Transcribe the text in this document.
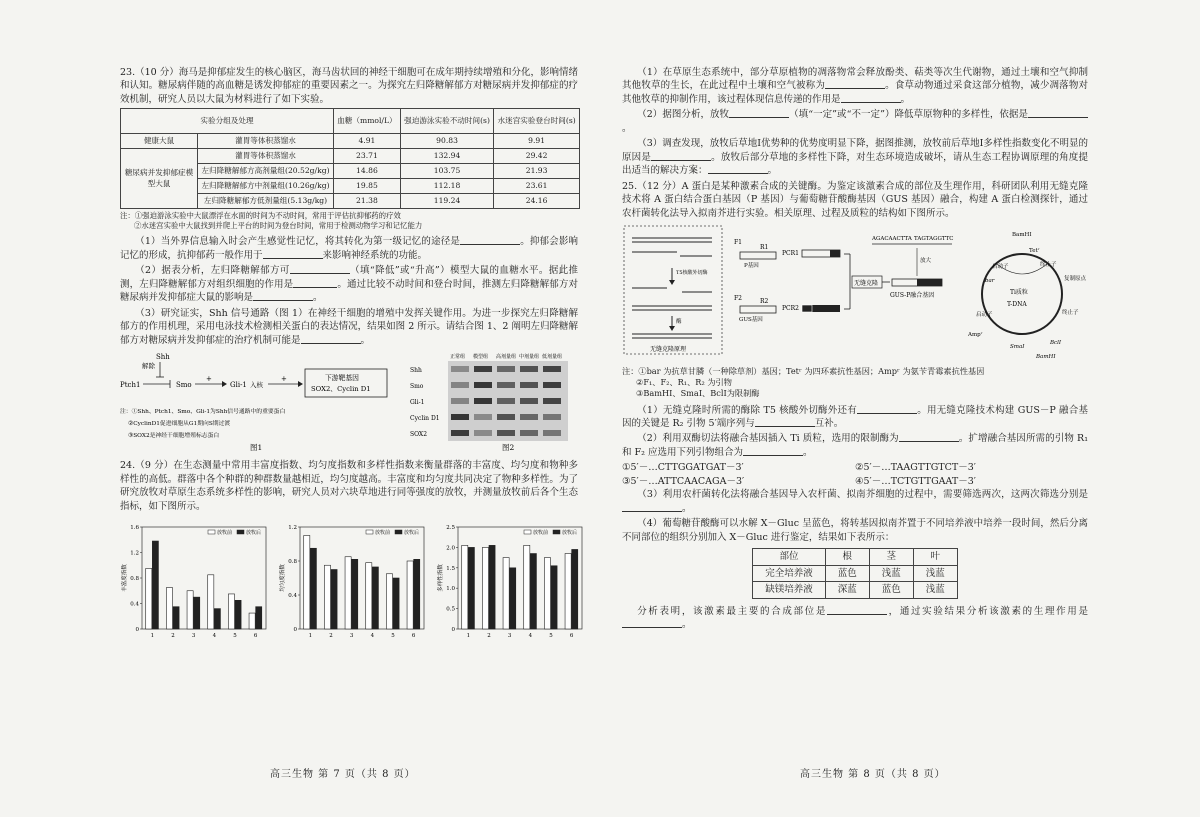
23.（10 分）海马是抑郁症发生的核心脑区，海马齿状回的神经干细胞可在成年期持续增殖和分化，影响情绪和认知。糖尿病伴随的高血糖是诱发抑郁症的重要因素之一。为探究左归降糖解郁方对糖尿病并发抑郁症的疗效机制，研究人员以大鼠为材料进行了如下实验。

实验分组及处理		血糖（mmol/L）	强迫游泳实验不动时间(s)	水迷宫实验登台时间(s)
健康大鼠	灌胃等体积蒸馏水	4.91	90.83	9.91
糖尿病并发抑郁症模型大鼠	灌胃等体积蒸馏水	23.71	132.94	29.42
	左归降糖解郁方高剂量组(20.52g/kg)	14.86	103.75	21.93
	左归降糖解郁方中剂量组(10.26g/kg)	19.85	112.18	23.61
	左归降糖解郁方低剂量组(5.13g/kg)	21.38	119.24	24.16
注：①强迫游泳实验中大鼠漂浮在水面的时间为不动时间，常用于评估抗抑郁药的疗效
②水迷宫实验中大鼠找到并爬上平台的时间为登台时间，常用于检测动物学习和记忆能力

（1）当外界信息输入时会产生感觉性记忆，将其转化为第一级记忆的途径是	。抑郁会影响记忆的形成，抗抑郁药一般作用于	来影响神经系统的功能。

（2）据表分析，左归降糖解郁方可	（填“降低”或“升高”）模型大鼠的血糖水平。据此推测，左归降糖解郁方对组织细胞的作用是	。通过比较不动时间和登台时间，推测左归降糖解郁方对糖尿病并发抑郁症大鼠的影响是	。

（3）研究证实，Shh 信号通路（图 1）在神经干细胞的增殖中发挥关键作用。为进一步探究左归降糖解郁方的作用机理，采用电泳技术检测相关蛋白的表达情况，结果如图 2 所示。请结合图 1、2 阐明左归降糖解郁方对糖尿病并发抑郁症的治疗机制可能是	。

Shh
解除
Ptch1	Smo
+
Gli-1 入核
+	下游靶基因
SOX2、Cyclin D1
注：①Shh、Ptch1、Smo、Gli-1为Shh信号通路中的重要蛋白
②CyclinD1促进细胞从G1期向S期过渡
③SOX2是神经干细胞增殖标志蛋白
图1
正常组 模型组 高剂量组 中剂量组 低剂量组
Shh
Smo
Gli-1
Cyclin D1
SOX2
图2

24.（9 分）在生态测量中常用丰富度指数、均匀度指数和多样性指数来衡量群落的丰富度、均匀度和物种多样性的高低。群落中各个种群的种群数量越相近，均匀度越高。丰富度和均匀度共同决定了物种多样性。为了研究放牧对草原生态系统多样性的影响，研究人员对六块草地进行同等强度的放牧，并测量放牧前后各个生态指标，如下图所示。

0
0.4
0.8
1.2
1.6
丰富度指数
1	2	3	4	5	6
放牧前	放牧后
0
0.4
0.8
1.2
均匀度指数
1	2	3	4	5	6
放牧前	放牧后
0
0.5
1.0
1.5
2.0
2.5
多样性指数
1	2	3	4	5	6
放牧前	放牧后
高三生物 第 7 页（共 8 页）

（1）在草原生态系统中，部分草原植物的凋落物常会释放酚类、萜类等次生代谢物，通过土壤和空气抑制其他牧草的生长，在此过程中土壤和空气被称为	。食草动物通过采食这部分植物，减少凋落物对其他牧草的抑制作用，该过程体现信息传递的作用是	。

（2）据图分析，放牧	（填“一定”或“不一定”）降低草原物种的多样性，依据是。

（3）调查发现，放牧后草地Ⅰ优势种的优势度明显下降，据图推测，放牧前后草地Ⅰ多样性指数变化不明显的原因是	。放牧后部分草地的多样性下降，对生态环境造成破坏，请从生态工程协调原理的角度提出适当的解决方案：	。

25.（12 分）A 蛋白是某种激素合成的关键酶。为鉴定该激素合成的部位及生理作用，科研团队利用无缝克隆技术将 A 蛋白结合蛋白基因（P 基因）与葡萄糖苷酸酶基因（GUS 基因）融合，构建 A 蛋白检测探针，通过农杆菌转化法导入拟南芥进行实验。相关原理、过程及质粒的结构如下图所示。

T5核酸外切酶
酶
无缝克隆原理
F1
P基因
R1
PCR1
F2
GUS基因
R2
PCR2
无缝克隆
GUS-P融合基因
AGACAACTTA TAGTAGGTTC
放大
Ti质粒
T-DNA
BamHⅠ
Tetʳ
启动子	终止子
bar	复制原点
终止子
启动子
Ampʳ
BclⅠ
SmaⅠ
BamHⅠ
注：①bar 为抗草甘膦（一种除草剂）基因；Tetʳ 为四环素抗性基因；Ampʳ 为氨苄青霉素抗性基因
②F₁、F₂、R₁、R₂ 为引物
③BamHⅠ、SmaⅠ、BclⅠ为限制酶

（1）无缝克隆时所需的酶除 T5 核酸外切酶外还有	。用无缝克隆技术构建 GUS－P 融合基因的关键是 R₂ 引物 5′端序列与	互补。

（2）利用双酶切法将融合基因插入 Ti 质粒，选用的限制酶为	。扩增融合基因所需的引物 R₁ 和 F₂ 应选用下列引物组合为	。

①5′－…CTTGGATGAT－3′	②5′－…TAAGTTGTCT－3′
③5′－…ATTCAACAGA－3′	④5′－…TCTGTTGAAT－3′

（3）利用农杆菌转化法将融合基因导入农杆菌、拟南芥细胞的过程中，需要筛选两次，这两次筛选分别是。

（4）葡萄糖苷酸酶可以水解 X－Gluc 呈蓝色，将转基因拟南芥置于不同培养液中培养一段时间，然后分离不同部位的组织分别加入 X－Gluc 进行鉴定，结果如下表所示：

部位	根	茎	叶
完全培养液	蓝色	浅蓝	浅蓝
缺镁培养液	深蓝	蓝色	浅蓝

分析表明，该激素最主要的合成部位是	，通过实验结果分析该激素的生理作用是。

高三生物 第 8 页（共 8 页）
